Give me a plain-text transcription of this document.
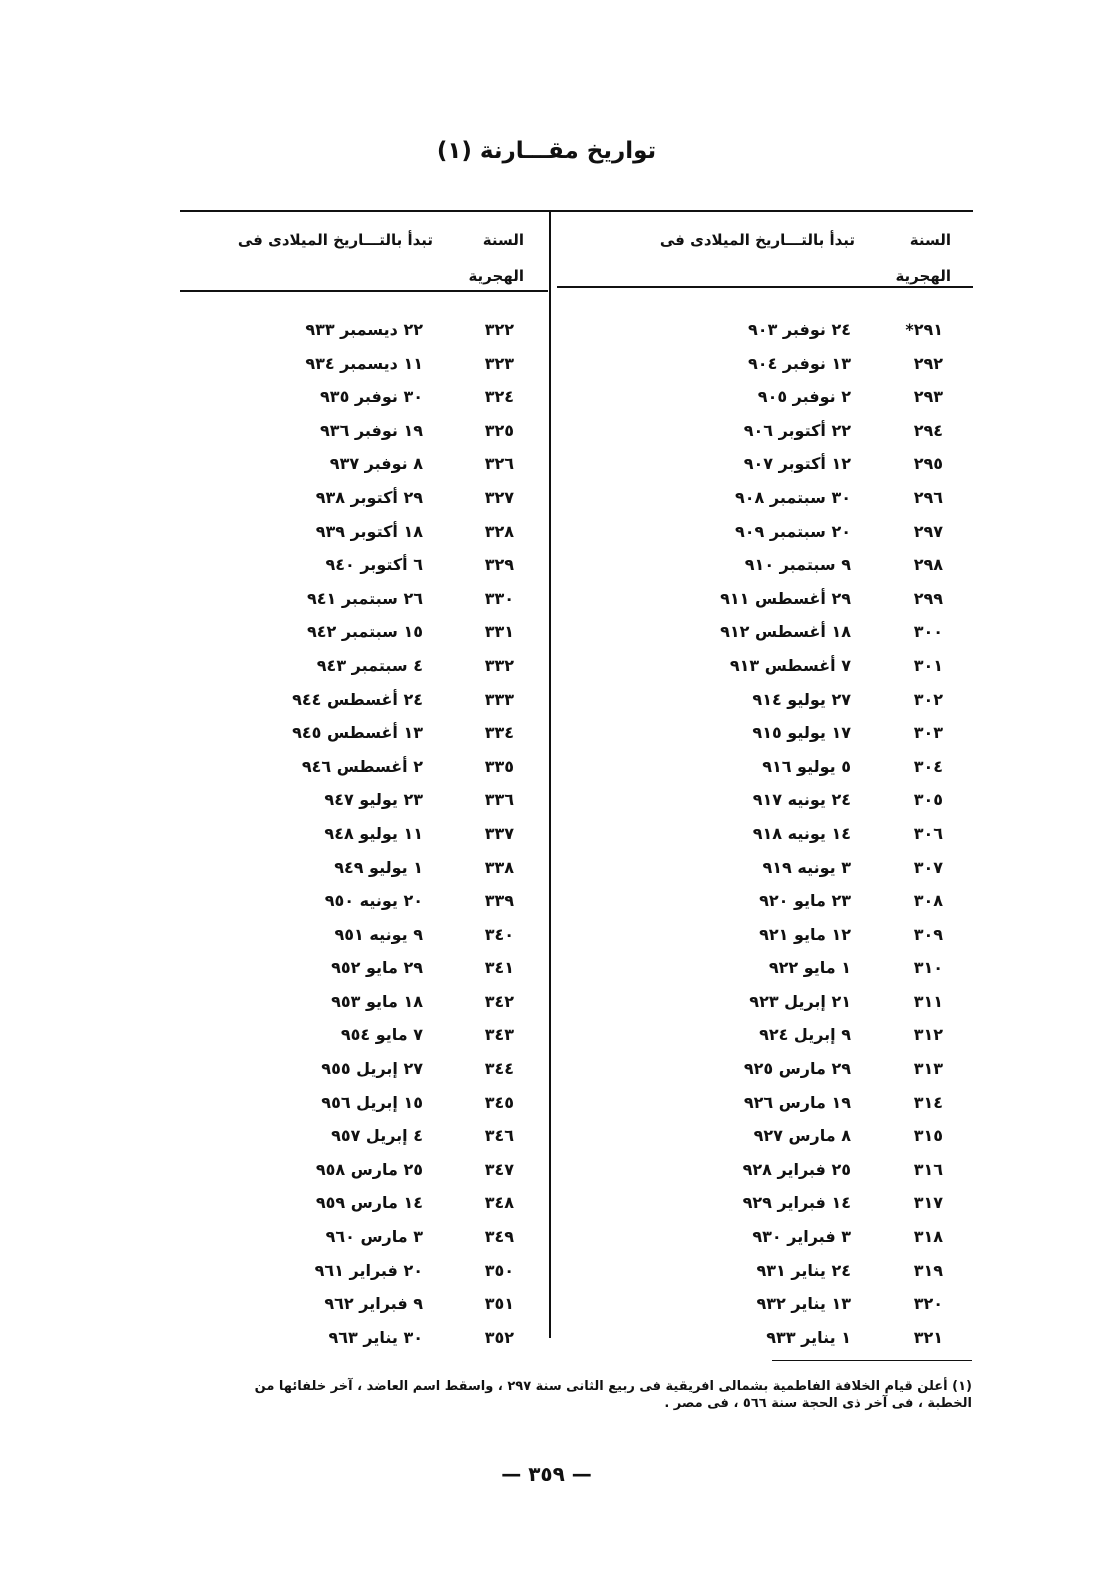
تواريخ مقـــارنة (١)
السنة
الهجرية
تبدأ بالتـــاريخ الميلادى فى
٢٩١*
٢٤ نوفبر ٩٠٣
٢٩٢
١٣ نوفبر ٩٠٤
٢٩٣
٢ نوفبر ٩٠٥
٢٩٤
٢٢ أكتوبر ٩٠٦
٢٩٥
١٢ أكتوبر ٩٠٧
٢٩٦
٣٠ سبتمبر ٩٠٨
٢٩٧
٢٠ سبتمبر ٩٠٩
٢٩٨
٩ سبتمبر ٩١٠
٢٩٩
٢٩ أغسطس ٩١١
٣٠٠
١٨ أغسطس ٩١٢
٣٠١
٧ أغسطس ٩١٣
٣٠٢
٢٧ يوليو ٩١٤
٣٠٣
١٧ يوليو ٩١٥
٣٠٤
٥ يوليو ٩١٦
٣٠٥
٢٤ يونيه ٩١٧
٣٠٦
١٤ يونيه ٩١٨
٣٠٧
٣ يونيه ٩١٩
٣٠٨
٢٣ مايو ٩٢٠
٣٠٩
١٢ مايو ٩٢١
٣١٠
١ مايو ٩٢٢
٣١١
٢١ إبريل ٩٢٣
٣١٢
٩ إبريل ٩٢٤
٣١٣
٢٩ مارس ٩٢٥
٣١٤
١٩ مارس ٩٢٦
٣١٥
٨ مارس ٩٢٧
٣١٦
٢٥ فبراير ٩٢٨
٣١٧
١٤ فبراير ٩٢٩
٣١٨
٣ فبراير ٩٣٠
٣١٩
٢٤ يناير ٩٣١
٣٢٠
١٣ يناير ٩٣٢
٣٢١
١ يناير ٩٣٣
السنة
الهجرية
تبدأ بالتـــاريخ الميلادى فى
٣٢٢
٢٢ ديسمبر ٩٣٣
٣٢٣
١١ ديسمبر ٩٣٤
٣٢٤
٣٠ نوفبر ٩٣٥
٣٢٥
١٩ نوفبر ٩٣٦
٣٢٦
٨ نوفبر ٩٣٧
٣٢٧
٢٩ أكتوبر ٩٣٨
٣٢٨
١٨ أكتوبر ٩٣٩
٣٢٩
٦ أكتوبر ٩٤٠
٣٣٠
٢٦ سبتمبر ٩٤١
٣٣١
١٥ سبتمبر ٩٤٢
٣٣٢
٤ سبتمبر ٩٤٣
٣٣٣
٢٤ أغسطس ٩٤٤
٣٣٤
١٣ أغسطس ٩٤٥
٣٣٥
٢ أغسطس ٩٤٦
٣٣٦
٢٣ يوليو ٩٤٧
٣٣٧
١١ يوليو ٩٤٨
٣٣٨
١ يوليو ٩٤٩
٣٣٩
٢٠ يونيه ٩٥٠
٣٤٠
٩ يونيه ٩٥١
٣٤١
٢٩ مايو ٩٥٢
٣٤٢
١٨ مايو ٩٥٣
٣٤٣
٧ مايو ٩٥٤
٣٤٤
٢٧ إبريل ٩٥٥
٣٤٥
١٥ إبريل ٩٥٦
٣٤٦
٤ إبريل ٩٥٧
٣٤٧
٢٥ مارس ٩٥٨
٣٤٨
١٤ مارس ٩٥٩
٣٤٩
٣ مارس ٩٦٠
٣٥٠
٢٠ فبراير ٩٦١
٣٥١
٩ فبراير ٩٦٢
٣٥٢
٣٠ يناير ٩٦٣
(١) أعلن قيام الخلافة الفاطمية بشمالى افريقية فى ربيع الثانى سنة ٢٩٧ ، واسقط اسم العاضد ، آخر خلفائها من الخطبة ، فى آخر ذى الحجة سنة ٥٦٦ ، فى مصر .
— ٣٥٩ —
